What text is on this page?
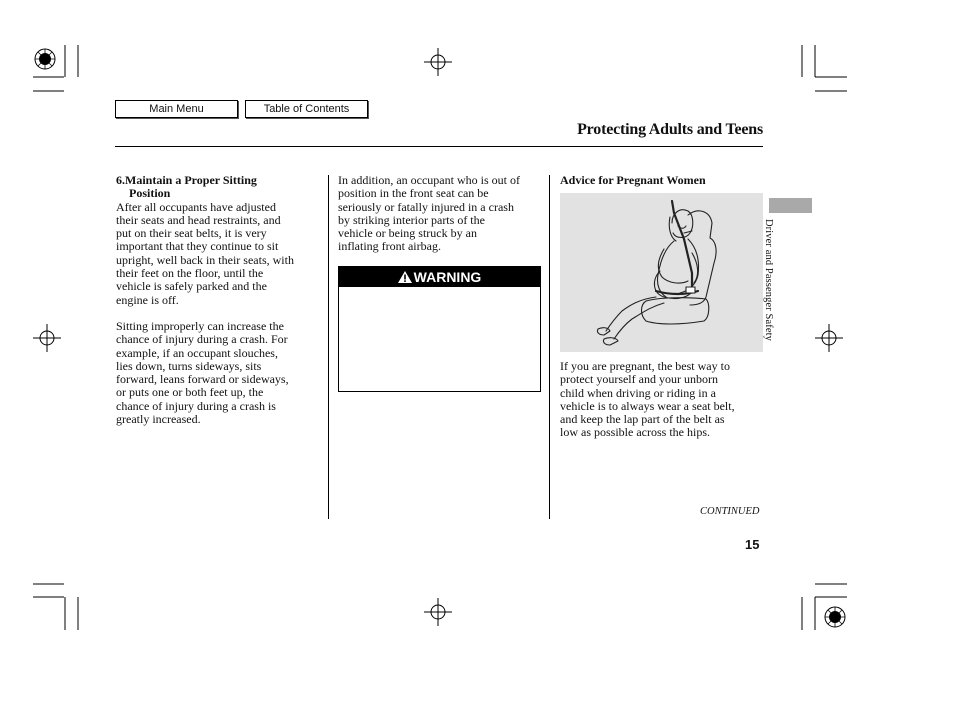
Main Menu	Table of Contents
Protecting Adults and Teens
6.Maintain a Proper Sitting
Position
After all occupants have adjusted
their seats and head restraints, and
put on their seat belts, it is very
important that they continue to sit
upright, well back in their seats, with
their feet on the floor, until the
vehicle is safely parked and the
engine is off.
Sitting improperly can increase the
chance of injury during a crash. For
example, if an occupant slouches,
lies down, turns sideways, sits
forward, leans forward or sideways,
or puts one or both feet up, the
chance of injury during a crash is
greatly increased.
In addition, an occupant who is out of
position in the front seat can be
seriously or fatally injured in a crash
by striking interior parts of the
vehicle or being struck by an
inflating front airbag.
WARNING
Advice for Pregnant Women
If you are pregnant, the best way to
protect yourself and your unborn
child when driving or riding in a
vehicle is to always wear a seat belt,
and keep the lap part of the belt as
low as possible across the hips.
Driver and Passenger Safety
CONTINUED
15
